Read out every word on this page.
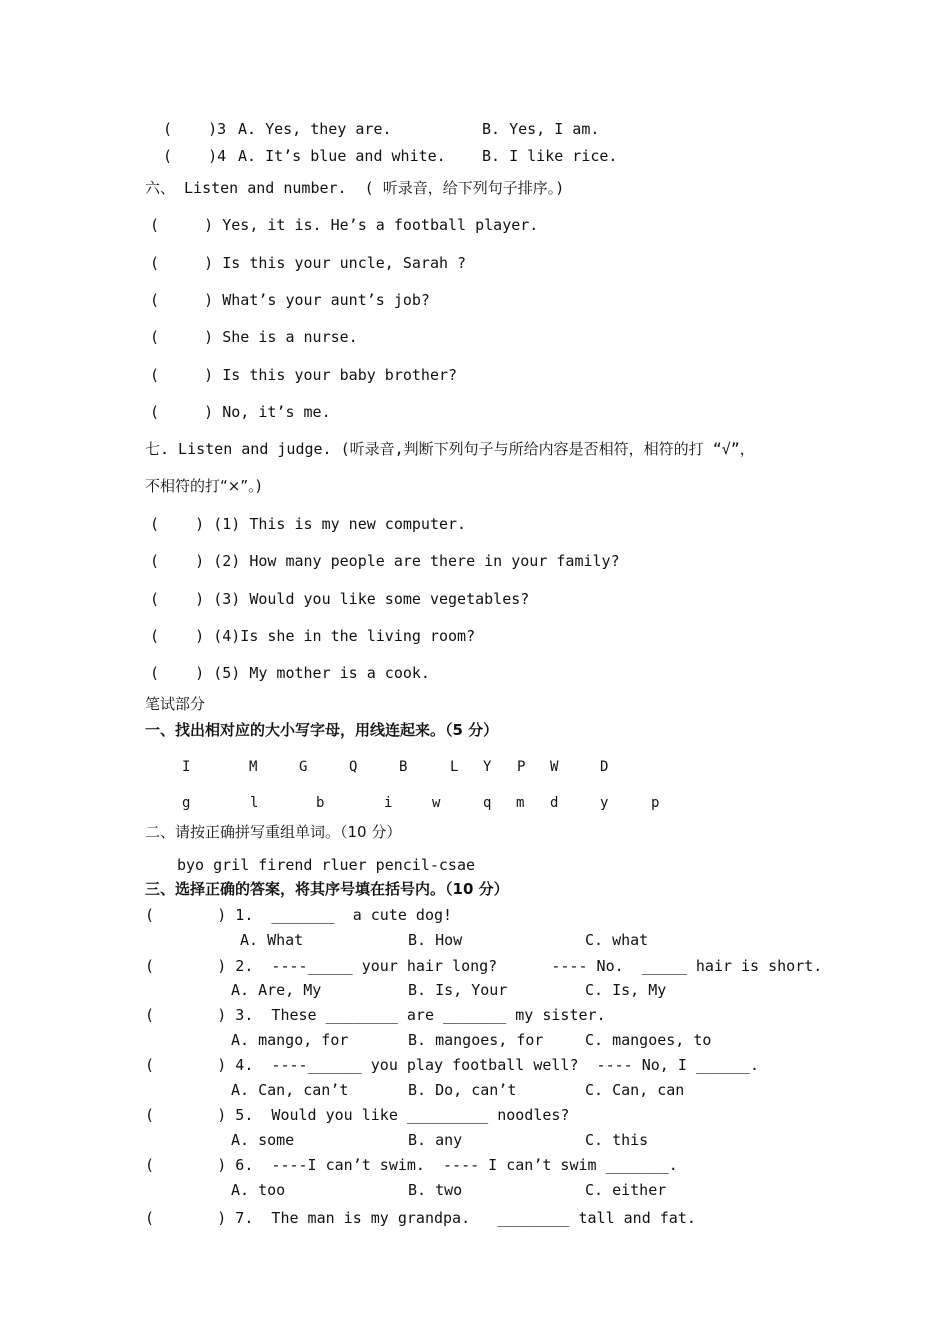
(    )3 A. Yes, they are.	B. Yes, I am.
(    )4 A. It’s blue and white. B. I like rice.
六、 Listen and number.  ( 听录音，给下列句子排序。)
(     ) Yes, it is. He’s a football player.
(     ) Is this your uncle, Sarah ?
(     ) What’s your aunt’s job?
(     ) She is a nurse.
(     ) Is this your baby brother?
(     ) No, it’s me.
七. Listen and judge. (听录音,判断下列句子与所给内容是否相符，相符的打 “√”，
不相符的打“×”。)
(    ) (1) This is my new computer.
(    ) (2) How many people are there in your family?
(    ) (3) Would you like some vegetables?
(    ) (4)Is she in the living room?
(    ) (5) My mother is a cook.
笔试部分
一、找出相对应的大小写字母，用线连起来。（5 分）
I	M	G	Q	B	L Y P W	D
g	l	b	i	w	q m d	y	p
二、请按正确拼写重组单词。（10 分）
byo gril firend rluer pencil-csae
三、选择正确的答案，将其序号填在括号内。（10 分）
(       ) 1.  _______  a cute dog!
A. What	B. How	C. what
(       ) 2.  ----_____ your hair long?      ---- No.  _____ hair is short.
A. Are, My	B. Is, Your	C. Is, My
(       ) 3.  These ________ are _______ my sister.
A. mango, for	B. mangoes, for	C. mangoes, to
(       ) 4.  ----______ you play football well?  ---- No, I ______.
A. Can, can’t	B. Do, can’t	C. Can, can
(       ) 5.  Would you like _________ noodles?
A. some	B. any	C. this
(       ) 6.  ----I can’t swim.  ---- I can’t swim _______.
A. too	B. two	C. either
(       ) 7.  The man is my grandpa.   ________ tall and fat.
